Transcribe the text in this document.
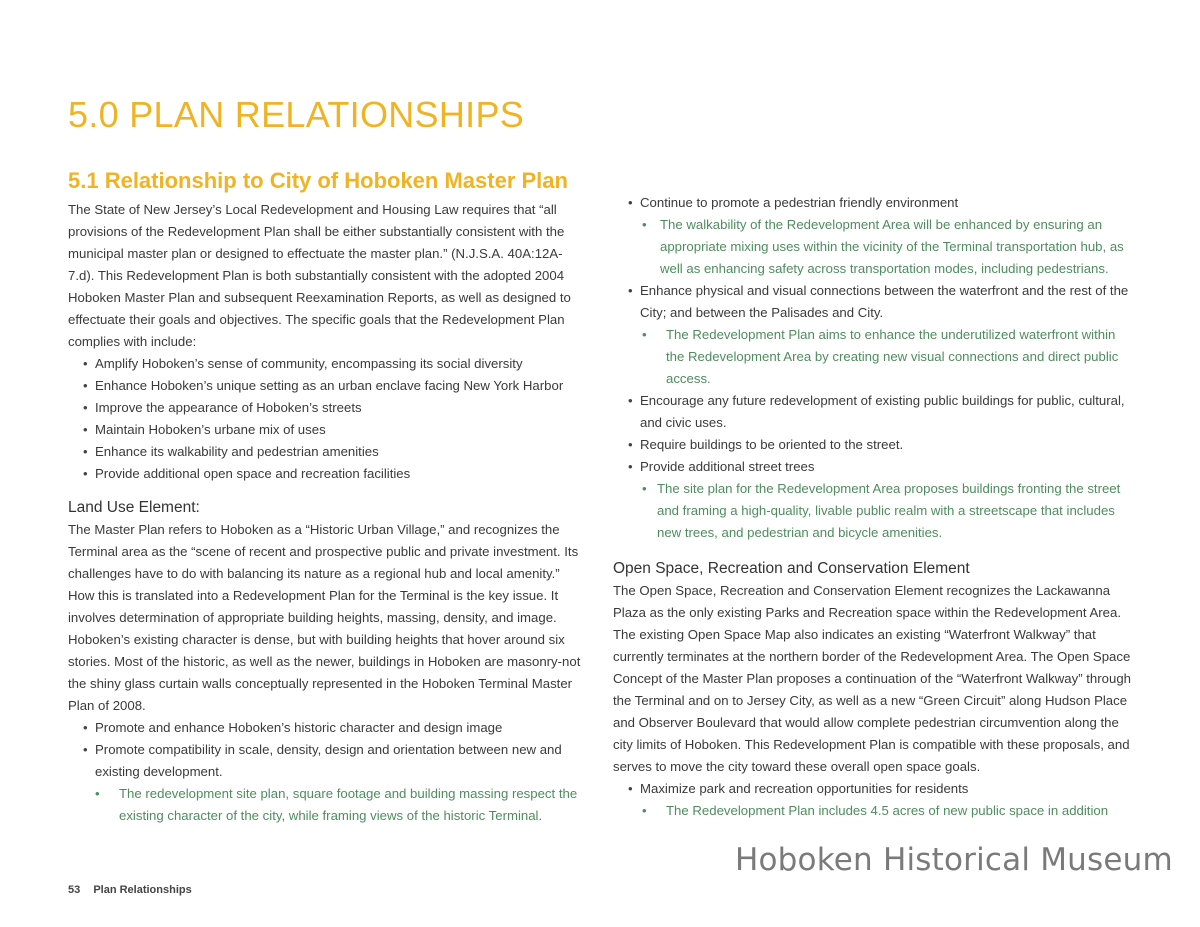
5.0 PLAN RELATIONSHIPS
5.1 Relationship to City of Hoboken Master Plan

The State of New Jersey’s Local Redevelopment and Housing Law requires that “all provisions of the Redevelopment Plan shall be either substantially consistent with the municipal master plan or designed to effectuate the master plan.” (N.J.S.A. 40A:12A-7.d). This Redevelopment Plan is both substantially consistent with the adopted 2004 Hoboken Master Plan and subsequent Reexamination Reports, as well as designed to effectuate their goals and objectives. The specific goals that the Redevelopment Plan complies with include:

• Amplify Hoboken’s sense of community, encompassing its social diversity
• Enhance Hoboken’s unique setting as an urban enclave facing New York Harbor
• Improve the appearance of Hoboken’s streets
• Maintain Hoboken’s urbane mix of uses
• Enhance its walkability and pedestrian amenities
• Provide additional open space and recreation facilities
Land Use Element:

The Master Plan refers to Hoboken as a “Historic Urban Village,” and recognizes the Terminal area as the “scene of recent and prospective public and private investment. Its challenges have to do with balancing its nature as a regional hub and local amenity.” How this is translated into a Redevelopment Plan for the Terminal is the key issue. It involves determination of appropriate building heights, massing, density, and image. Hoboken’s existing character is dense, but with building heights that hover around six stories. Most of the historic, as well as the newer, buildings in Hoboken are masonry-not the shiny glass curtain walls conceptually represented in the Hoboken Terminal Master Plan of 2008.

• Promote and enhance Hoboken’s historic character and design image
• Promote compatibility in scale, density, design and orientation between new and existing development.
• The redevelopment site plan, square footage and building massing respect the existing character of the city, while framing views of the historic Terminal.
• Continue to promote a pedestrian friendly environment
• The walkability of the Redevelopment Area will be enhanced by ensuring an appropriate mixing uses within the vicinity of the Terminal transportation hub, as well as enhancing safety across transportation modes, including pedestrians.
• Enhance physical and visual connections between the waterfront and the rest of the City; and between the Palisades and City.
• The Redevelopment Plan aims to enhance the underutilized waterfront within the Redevelopment Area by creating new visual connections and direct public access.
• Encourage any future redevelopment of existing public buildings for public, cultural, and civic uses.
• Require buildings to be oriented to the street.
• Provide additional street trees
• The site plan for the Redevelopment Area proposes buildings fronting the street and framing a high-quality, livable public realm with a streetscape that includes new trees, and pedestrian and bicycle amenities.
Open Space, Recreation and Conservation Element

The Open Space, Recreation and Conservation Element recognizes the Lackawanna Plaza as the only existing Parks and Recreation space within the Redevelopment Area. The existing Open Space Map also indicates an existing “Waterfront Walkway” that currently terminates at the northern border of the Redevelopment Area. The Open Space Concept of the Master Plan proposes a continuation of the “Waterfront Walkway” through the Terminal and on to Jersey City, as well as a new “Green Circuit” along Hudson Place and Observer Boulevard that would allow complete pedestrian circumvention along the city limits of Hoboken. This Redevelopment Plan is compatible with these proposals, and serves to move the city toward these overall open space goals.

• Maximize park and recreation opportunities for residents
• The Redevelopment Plan includes 4.5 acres of new public space in addition
53 Plan Relationships
Hoboken Historical Museum
